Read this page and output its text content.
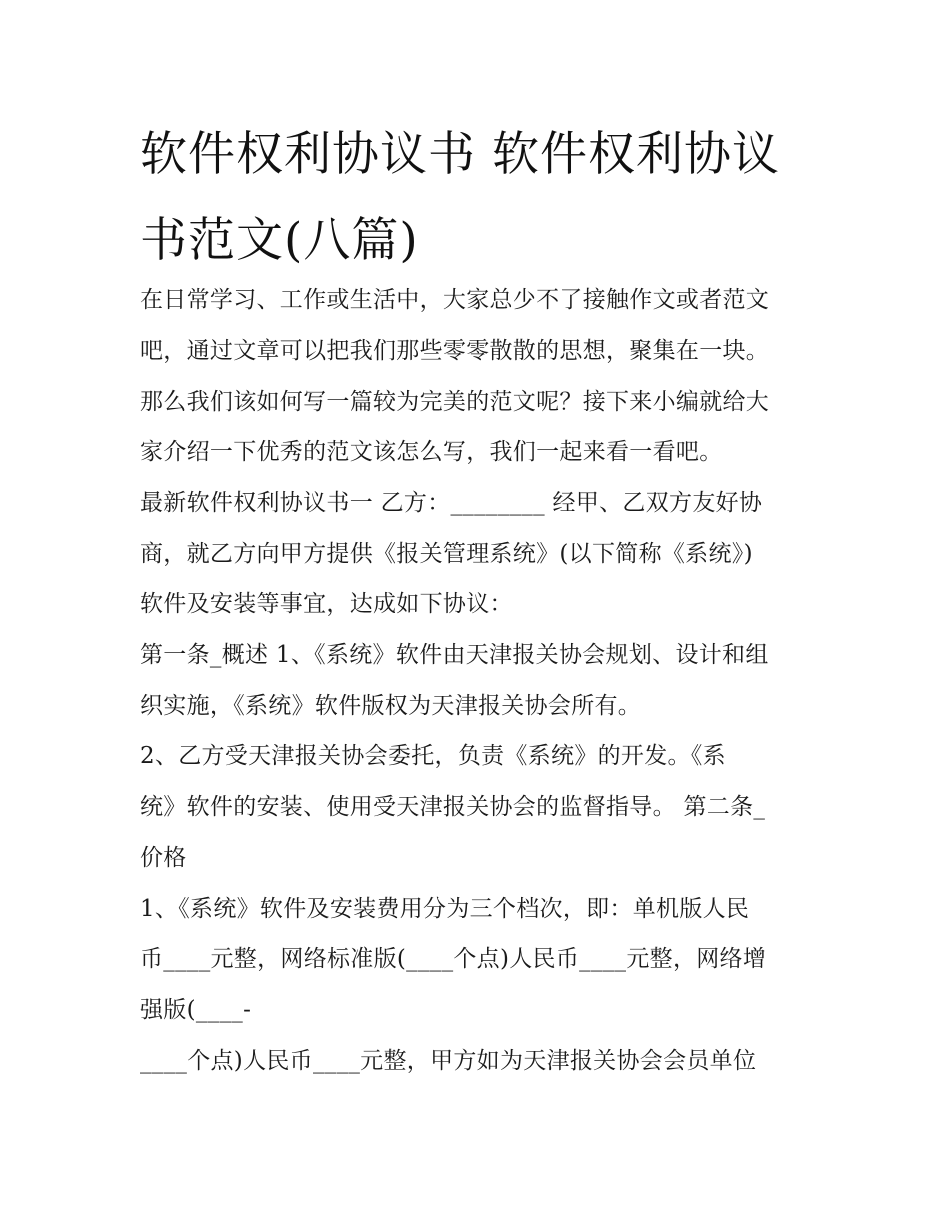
软件权利协议书 软件权利协议
书范文(八篇)

在日常学习、工作或生活中，大家总少不了接触作文或者范文

吧，通过文章可以把我们那些零零散散的思想，聚集在一块。

那么我们该如何写一篇较为完美的范文呢？接下来小编就给大

家介绍一下优秀的范文该怎么写，我们一起来看一看吧。

最新软件权利协议书一 乙方：________ 经甲、乙双方友好协

商，就乙方向甲方提供《报关管理系统》(以下简称《系统》)

软件及安装等事宜，达成如下协议：

第一条_概述 1、《系统》软件由天津报关协会规划、设计和组

织实施，《系统》软件版权为天津报关协会所有。

2、乙方受天津报关协会委托，负责《系统》的开发。《系

统》软件的安装、使用受天津报关协会的监督指导。 第二条_

价格

1、《系统》软件及安装费用分为三个档次，即：单机版人民

币____元整，网络标准版(____个点)人民币____元整，网络增

强版(____-

____个点)人民币____元整，甲方如为天津报关协会会员单位
